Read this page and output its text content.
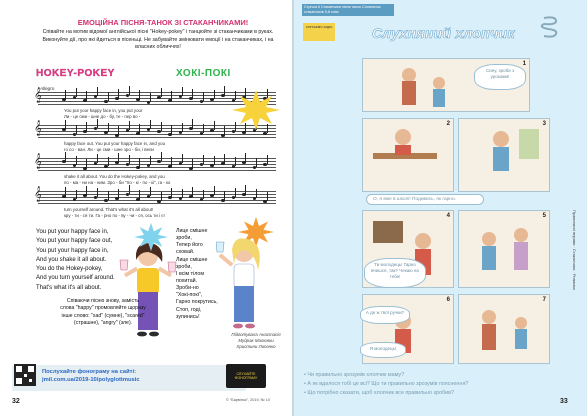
ЕМОЦІЙНА ПІСНЯ-ТАНОК ЗІ СТАКАНЧИКАМИ!
Співайте на мотив відомої англійської пісні "Hokey-pokey" і танцюйте зі стаканчиками в руках. Виконуйте дії, про які йдеться в пісеньці. Не забувайте змінювати емоції і на стаканчиках, і на власних обличчях!
HOKEY-POKEY	ХОКІ-ПОКІ
Allegro
𝄞
You put your happy face in, you put your
Ли - це сми - шне до - бу, те - пер во -
𝄞
happy face out. You put your happy face in, and you
го со - ван. Ли - це сми - шне зро - би, і вели
𝄞
shake it all about. You do the Hokey-pokey, and you
по - ма - ни на - ним. Зро - би "Хо - кі - по - кі", га - ко
𝄞
turn yourself around. That's what it's all about!
кру - ти - ся ти. Га - рно по - ву - чи - ся, ось ти і є!
You put your happy face in,
You put your happy face out,
You put your happy face in,
And you shake it all about.
You do the Hokey-pokey,
And you turn yourself around.
That's what it's all about.
Лице смішне
зроби,
Тепер його
сховай.
Лице смішне
зроби,
І всім тілом
похитай.
Зроби-но
"Хокі-покі",
Гарно покрутись,
Стоп, годі,
зупинись!
Співаючи пісню знову, замість слова "happy" промовляйте щоразу інше слово: "sad" (сумне), "scared" (страшне), "angry" (зле).
Підготувала Анастасія Мудрак Малюнки Христини Лисенко
Послухайте фонограму на сайті:
jmil.com.ua/2019-10/polyglottmusic
СЛУХАЙТЕ ФОНОГРАМУ
32	© "Барвінок", 2019, № 10
Стрічка 6 Стаканчики пісня танок Словничок стаканчиків 5-й клас
СЛУХАЄМО АУДІО	Слухняний хлопчик
1
Сину, зроби з уроками!
2	3
О, я вже в школі! Подивись, як гарно.
4	5
Ти молодець! Гарно вчишся, так? Чекаю на тебе!
6	7
А де ж твої ручки?
Я молодець!
• Чи правильно зрозумів хлопчик маму?
• А як вдалося тобі це всі? Що ти правильно зрозумів пояснення?
• Що потрібно сказати, щоб хлопчик все правильно зробив?
33
Правописні вправи · Стаканчики · Розмова
